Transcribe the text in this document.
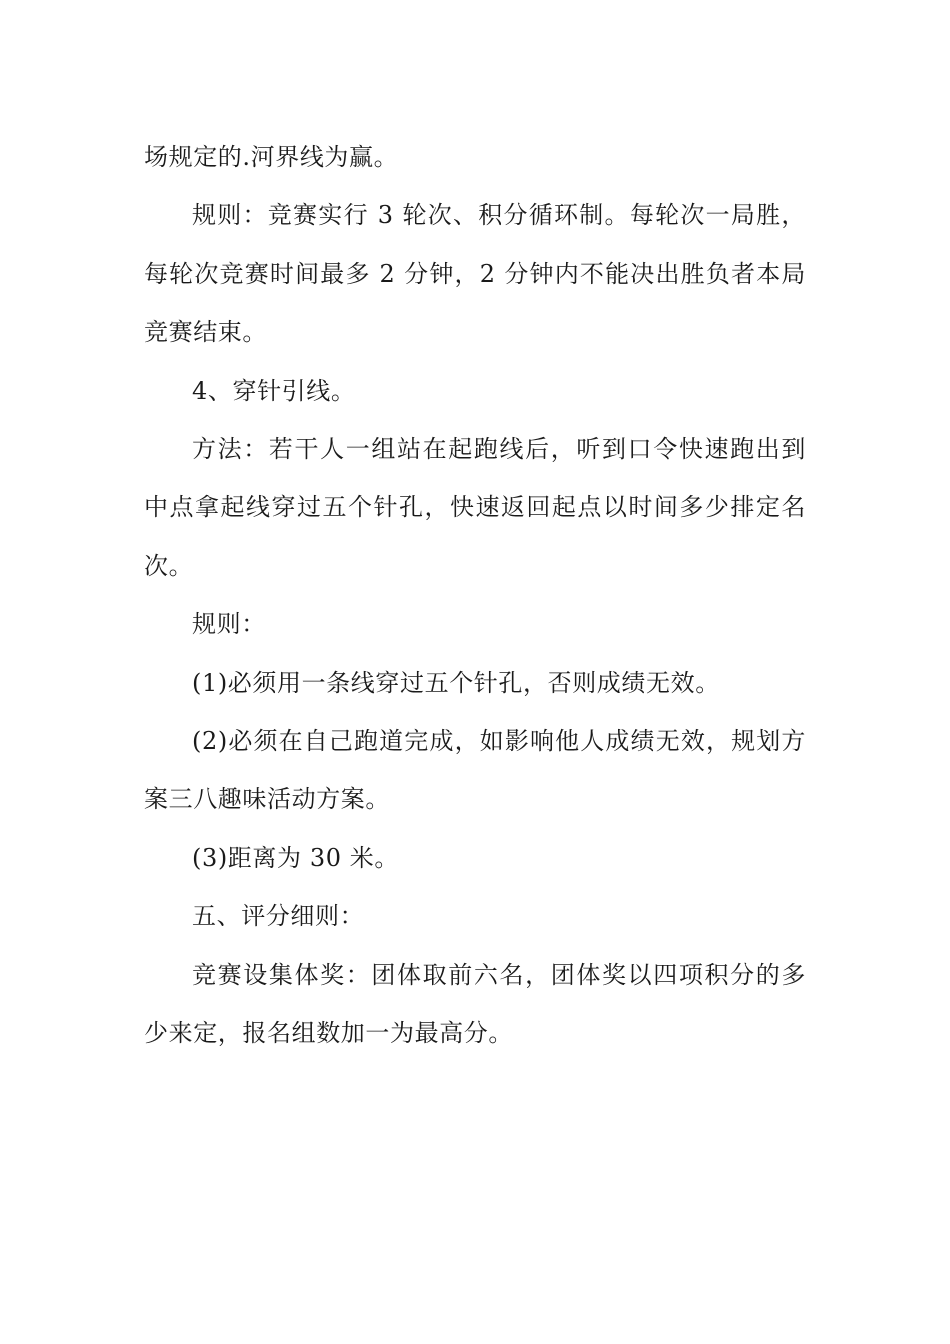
场规定的.河界线为赢。

规则：竞赛实行 3 轮次、积分循环制。每轮次一局胜，每轮次竞赛时间最多 2 分钟，2 分钟内不能决出胜负者本局竞赛结束。

4、穿针引线。

方法：若干人一组站在起跑线后，听到口令快速跑出到中点拿起线穿过五个针孔，快速返回起点以时间多少排定名次。

规则：

(1)必须用一条线穿过五个针孔，否则成绩无效。

(2)必须在自己跑道完成，如影响他人成绩无效，规划方案三八趣味活动方案。

(3)距离为 30 米。

五、评分细则：

竞赛设集体奖：团体取前六名，团体奖以四项积分的多少来定，报名组数加一为最高分。
